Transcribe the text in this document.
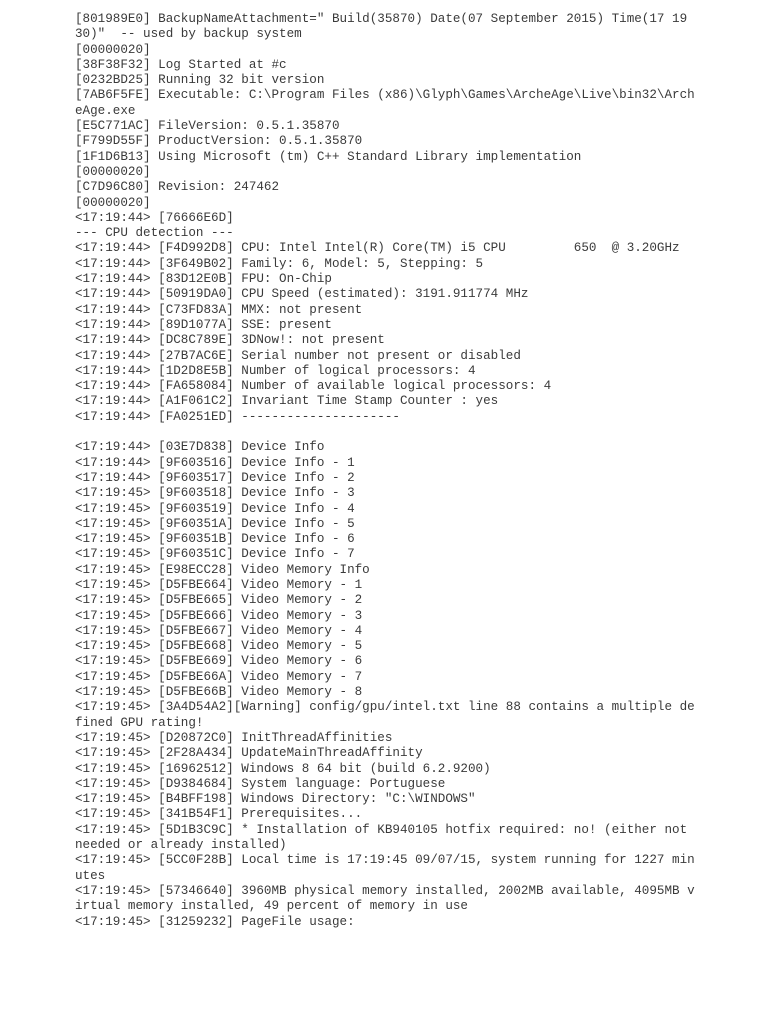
[801989E0] BackupNameAttachment=" Build(35870) Date(07 September 2015) Time(17 19 30)"  -- used by backup system
[00000020]
[38F38F32] Log Started at #c
[0232BD25] Running 32 bit version
[7AB6F5FE] Executable: C:\Program Files (x86)\Glyph\Games\ArcheAge\Live\bin32\ArcheAge.exe
[E5C771AC] FileVersion: 0.5.1.35870
[F799D55F] ProductVersion: 0.5.1.35870
[1F1D6B13] Using Microsoft (tm) C++ Standard Library implementation
[00000020]
[C7D96C80] Revision: 247462
[00000020]
<17:19:44> [76666E6D]
--- CPU detection ---
<17:19:44> [F4D992D8] CPU: Intel Intel(R) Core(TM) i5 CPU         650  @ 3.20GHz
<17:19:44> [3F649B02] Family: 6, Model: 5, Stepping: 5
<17:19:44> [83D12E0B] FPU: On-Chip
<17:19:44> [50919DA0] CPU Speed (estimated): 3191.911774 MHz
<17:19:44> [C73FD83A] MMX: not present
<17:19:44> [89D1077A] SSE: present
<17:19:44> [DC8C789E] 3DNow!: not present
<17:19:44> [27B7AC6E] Serial number not present or disabled
<17:19:44> [1D2D8E5B] Number of logical processors: 4
<17:19:44> [FA658084] Number of available logical processors: 4
<17:19:44> [A1F061C2] Invariant Time Stamp Counter : yes
<17:19:44> [FA0251ED] ---------------------
<17:19:44> [03E7D838] Device Info
<17:19:44> [9F603516] Device Info - 1
<17:19:44> [9F603517] Device Info - 2
<17:19:45> [9F603518] Device Info - 3
<17:19:45> [9F603519] Device Info - 4
<17:19:45> [9F60351A] Device Info - 5
<17:19:45> [9F60351B] Device Info - 6
<17:19:45> [9F60351C] Device Info - 7
<17:19:45> [E98ECC28] Video Memory Info
<17:19:45> [D5FBE664] Video Memory - 1
<17:19:45> [D5FBE665] Video Memory - 2
<17:19:45> [D5FBE666] Video Memory - 3
<17:19:45> [D5FBE667] Video Memory - 4
<17:19:45> [D5FBE668] Video Memory - 5
<17:19:45> [D5FBE669] Video Memory - 6
<17:19:45> [D5FBE66A] Video Memory - 7
<17:19:45> [D5FBE66B] Video Memory - 8
<17:19:45> [3A4D54A2][Warning] config/gpu/intel.txt line 88 contains a multiple defined GPU rating!
<17:19:45> [D20872C0] InitThreadAffinities
<17:19:45> [2F28A434] UpdateMainThreadAffinity
<17:19:45> [16962512] Windows 8 64 bit (build 6.2.9200)
<17:19:45> [D9384684] System language: Portuguese
<17:19:45> [B4BFF198] Windows Directory: "C:\WINDOWS"
<17:19:45> [341B54F1] Prerequisites...
<17:19:45> [5D1B3C9C] * Installation of KB940105 hotfix required: no! (either not needed or already installed)
<17:19:45> [5CC0F28B] Local time is 17:19:45 09/07/15, system running for 1227 minutes
<17:19:45> [57346640] 3960MB physical memory installed, 2002MB available, 4095MB virtual memory installed, 49 percent of memory in use
<17:19:45> [31259232] PageFile usage:
